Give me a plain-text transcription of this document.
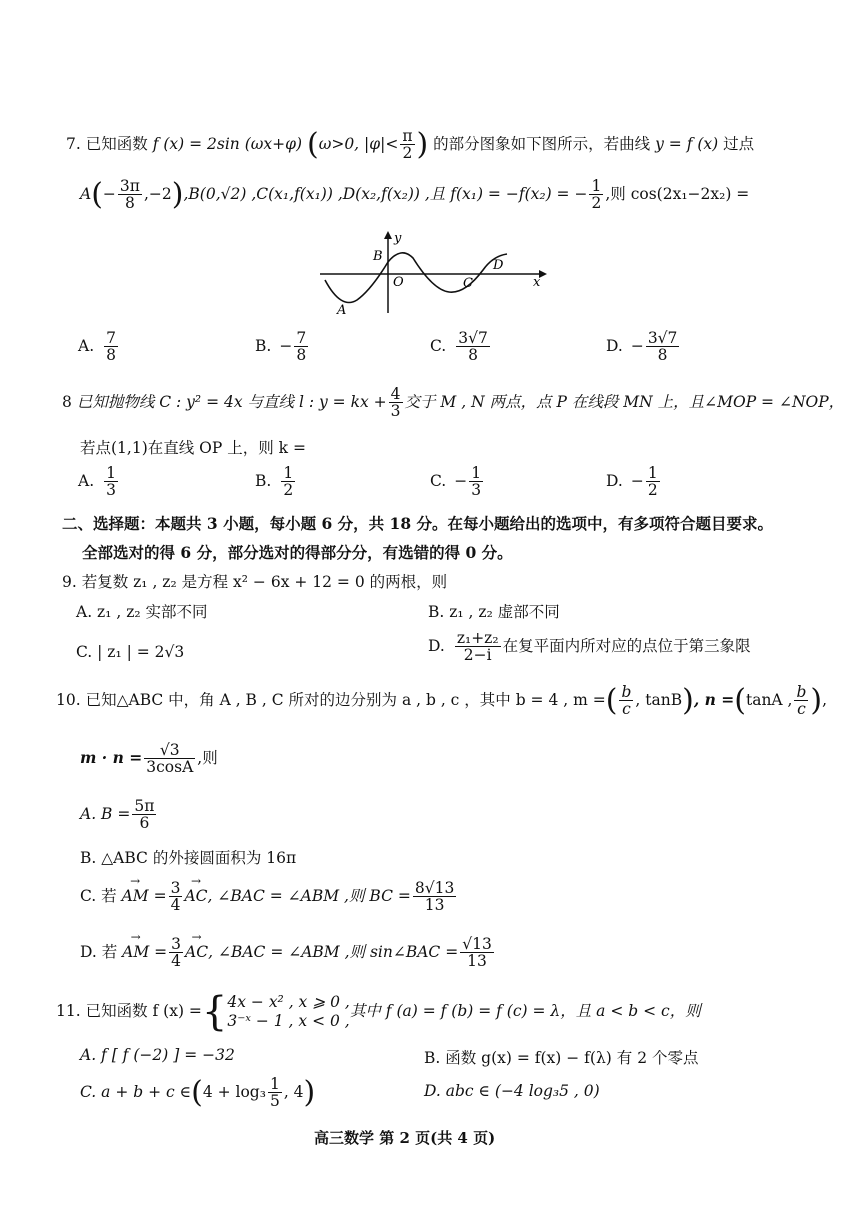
7. 已知函数 f (x) = 2sin (ωx+φ) (ω>0, $|\varphi|< \frac{\pi}{2}$ ) 的部分图象如下图所示，若曲线 y = f (x) 过点
$A(- \frac{3\pi}{8} ,-2),B(0,√2)$ ,C(x₁,f(x₁)) ,D(x₂,f(x₂)) ,且 f(x₁) = −f(x₂) = − $\frac{1}{2}$ ,则 cos(2x₁−2x₂) =
y
x
O
A
B
C
D
A. $\frac{7}{8}$	B. − $\frac{7}{8}$	C. $\frac{3√7}{8}$	D. − $\frac{3√7}{8}$
8 已知抛物线 C : y² = 4x 与直线 l : y = kx + $\frac{4}{3}$ 交于 M , N 两点，点 P 在线段 MN 上，且∠MOP = ∠NOP，
若点(1,1)在直线 OP 上，则 k =
A. $\frac{1}{3}$	B. $\frac{1}{2}$	C. − $\frac{1}{3}$	D. − $\frac{1}{2}$
二、选择题：本题共 3 小题，每小题 6 分，共 18 分。在每小题给出的选项中，有多项符合题目要求。
全部选对的得 6 分，部分选对的得部分分，有选错的得 0 分。
9. 若复数 z₁ , z₂ 是方程 x² − 6x + 12 = 0 的两根，则
A. z₁ , z₂ 实部不同	B. z₁ , z₂ 虚部不同
C. | z₁ | = 2√3	D. $\frac{\text{z₁+z₂}}{2-i}$ 在复平面内所对应的点位于第三象限
10. 已知△ABC 中，角 A , B , C 所对的边分别为 a , b , c ，其中 b = 4 , m =( $\frac{b}{c}$ , tanB), n =(tanA , $\frac{b}{c}$ ),
$m \cdot n = \frac{√3}{3\cos A}$ ,则
A. $B = \frac{5\pi}{6}$
B. △ABC 的外接圆面积为 16π
C. 若 → AM = $\frac{3}{4}$ → AC, ∠BAC = ∠ABM ,则 BC = $\frac{8√13}{13}$
D. 若 → AM = $\frac{3}{4}$ → AC, ∠BAC = ∠ABM ,则 sin∠BAC = $\frac{√13}{13}$
11. 已知函数 f (x) ={ 4x − x² , x ⩾ 0 ,
3⁻ˣ − 1 , x < 0 ,
其中 f (a) = f (b) = f (c) = λ，且 a < b < c，则
A. f [ f (−2) ] = −32	B. 函数 g(x) = f(x) − f(λ) 有 2 个零点
C. a + b + c ∈(4 + $\log_3 \frac{1}{5}$ , 4)	D. abc ∈ (−4 log₃5 , 0)
高三数学 第 2 页(共 4 页)
